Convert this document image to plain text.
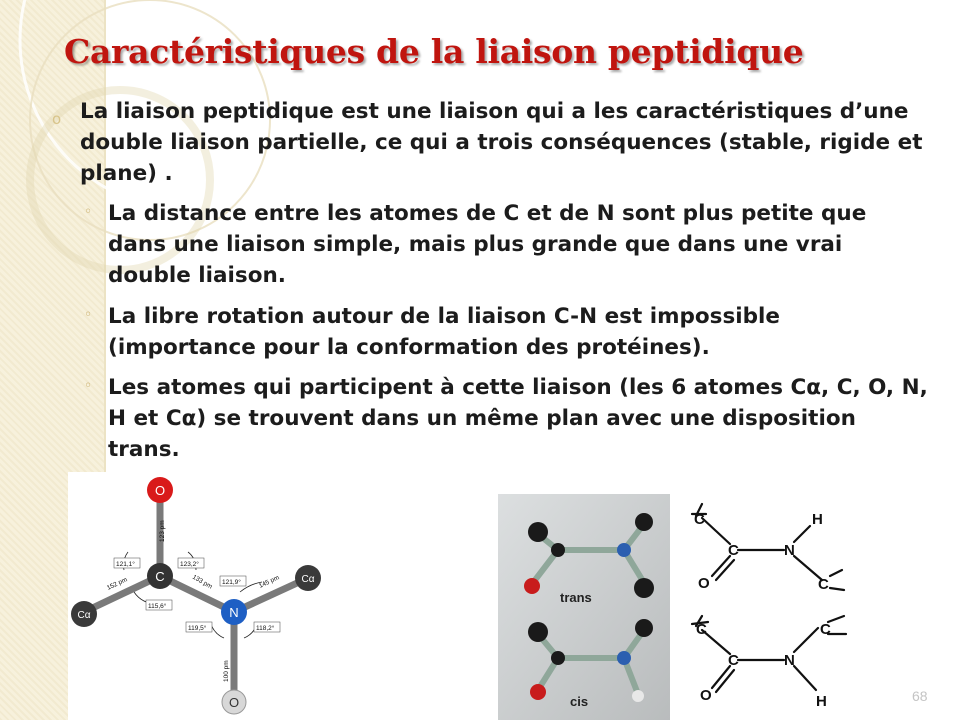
Caractéristiques de la liaison peptidique
o La liaison peptidique est une liaison qui a les caractéristiques d’une double liaison partielle, ce qui a trois conséquences (stable, rigide et plane) .

◦ La distance entre les atomes de C et de N sont plus petite que dans une liaison simple, mais plus grande que dans une vrai double liaison.

◦ La libre rotation autour de la liaison C-N est impossible (importance pour la conformation des protéines).

◦ Les atomes qui participent à cette liaison (les 6 atomes Cα, C, O, N, H et Cα) se trouvent dans un même plan avec une disposition trans.

123 pm
152 pm	133 pm	145 pm
100 pm
121,1°	123,2°
115,6°
121,9°
119,5°	118,2°
O
C
N
O
Cα
Cα
trans
cis
C
C	N
H
O	C
C	C
C	N
O	H	68
